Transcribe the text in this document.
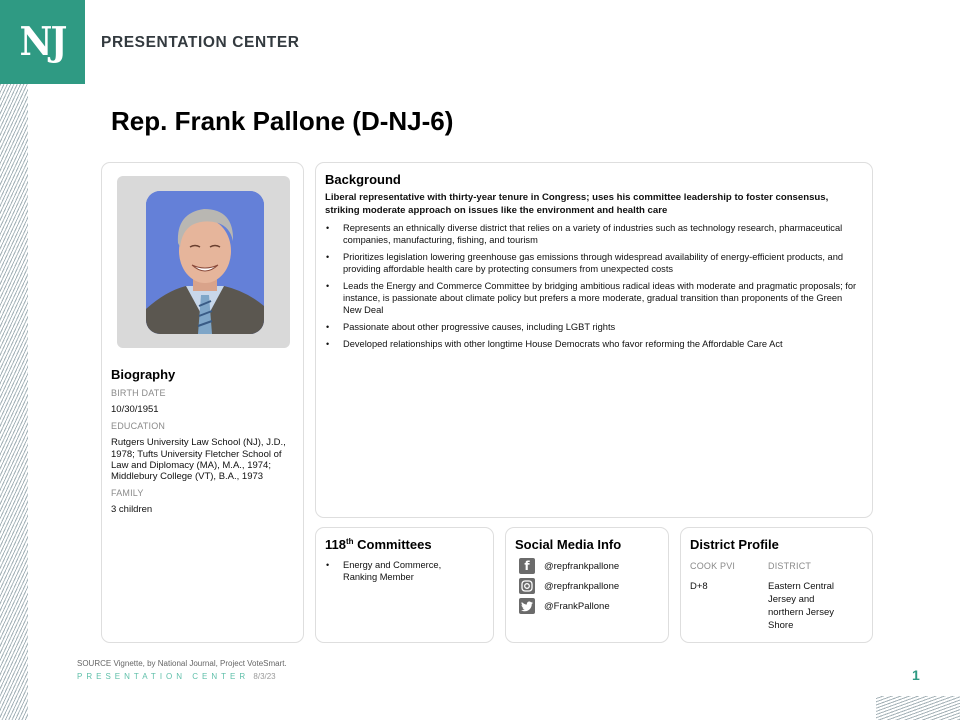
NJ PRESENTATION CENTER
Rep. Frank Pallone (D-NJ-6)
Biography
BIRTH DATE
10/30/1951
EDUCATION
Rutgers University Law School (NJ), J.D., 1978; Tufts University Fletcher School of Law and Diplomacy (MA), M.A., 1974; Middlebury College (VT), B.A., 1973
FAMILY
3 children
Background
Liberal representative with thirty-year tenure in Congress; uses his committee leadership to foster consensus, striking moderate approach on issues like the environment and health care
• Represents an ethnically diverse district that relies on a variety of industries such as technology research, pharmaceutical companies, manufacturing, fishing, and tourism
• Prioritizes legislation lowering greenhouse gas emissions through widespread availability of energy-efficient products, and providing affordable health care by protecting consumers from unexpected costs
• Leads the Energy and Commerce Committee by bridging ambitious radical ideas with moderate and pragmatic proposals; for instance, is passionate about climate policy but prefers a more moderate, gradual transition than proponents of the Green New Deal
• Passionate about other progressive causes, including LGBT rights
• Developed relationships with other longtime House Democrats who favor reforming the Affordable Care Act
118th Committees
• Energy and Commerce, Ranking Member
Social Media Info
f	@repfrankpallone
@repfrankpallone
@FrankPallone
District Profile
COOK PVI	DISTRICT
D+8	Eastern Central Jersey and northern Jersey Shore
SOURCE Vignette, by National Journal, Project VoteSmart.
PRESENTATION CENTER 8/3/23	1
